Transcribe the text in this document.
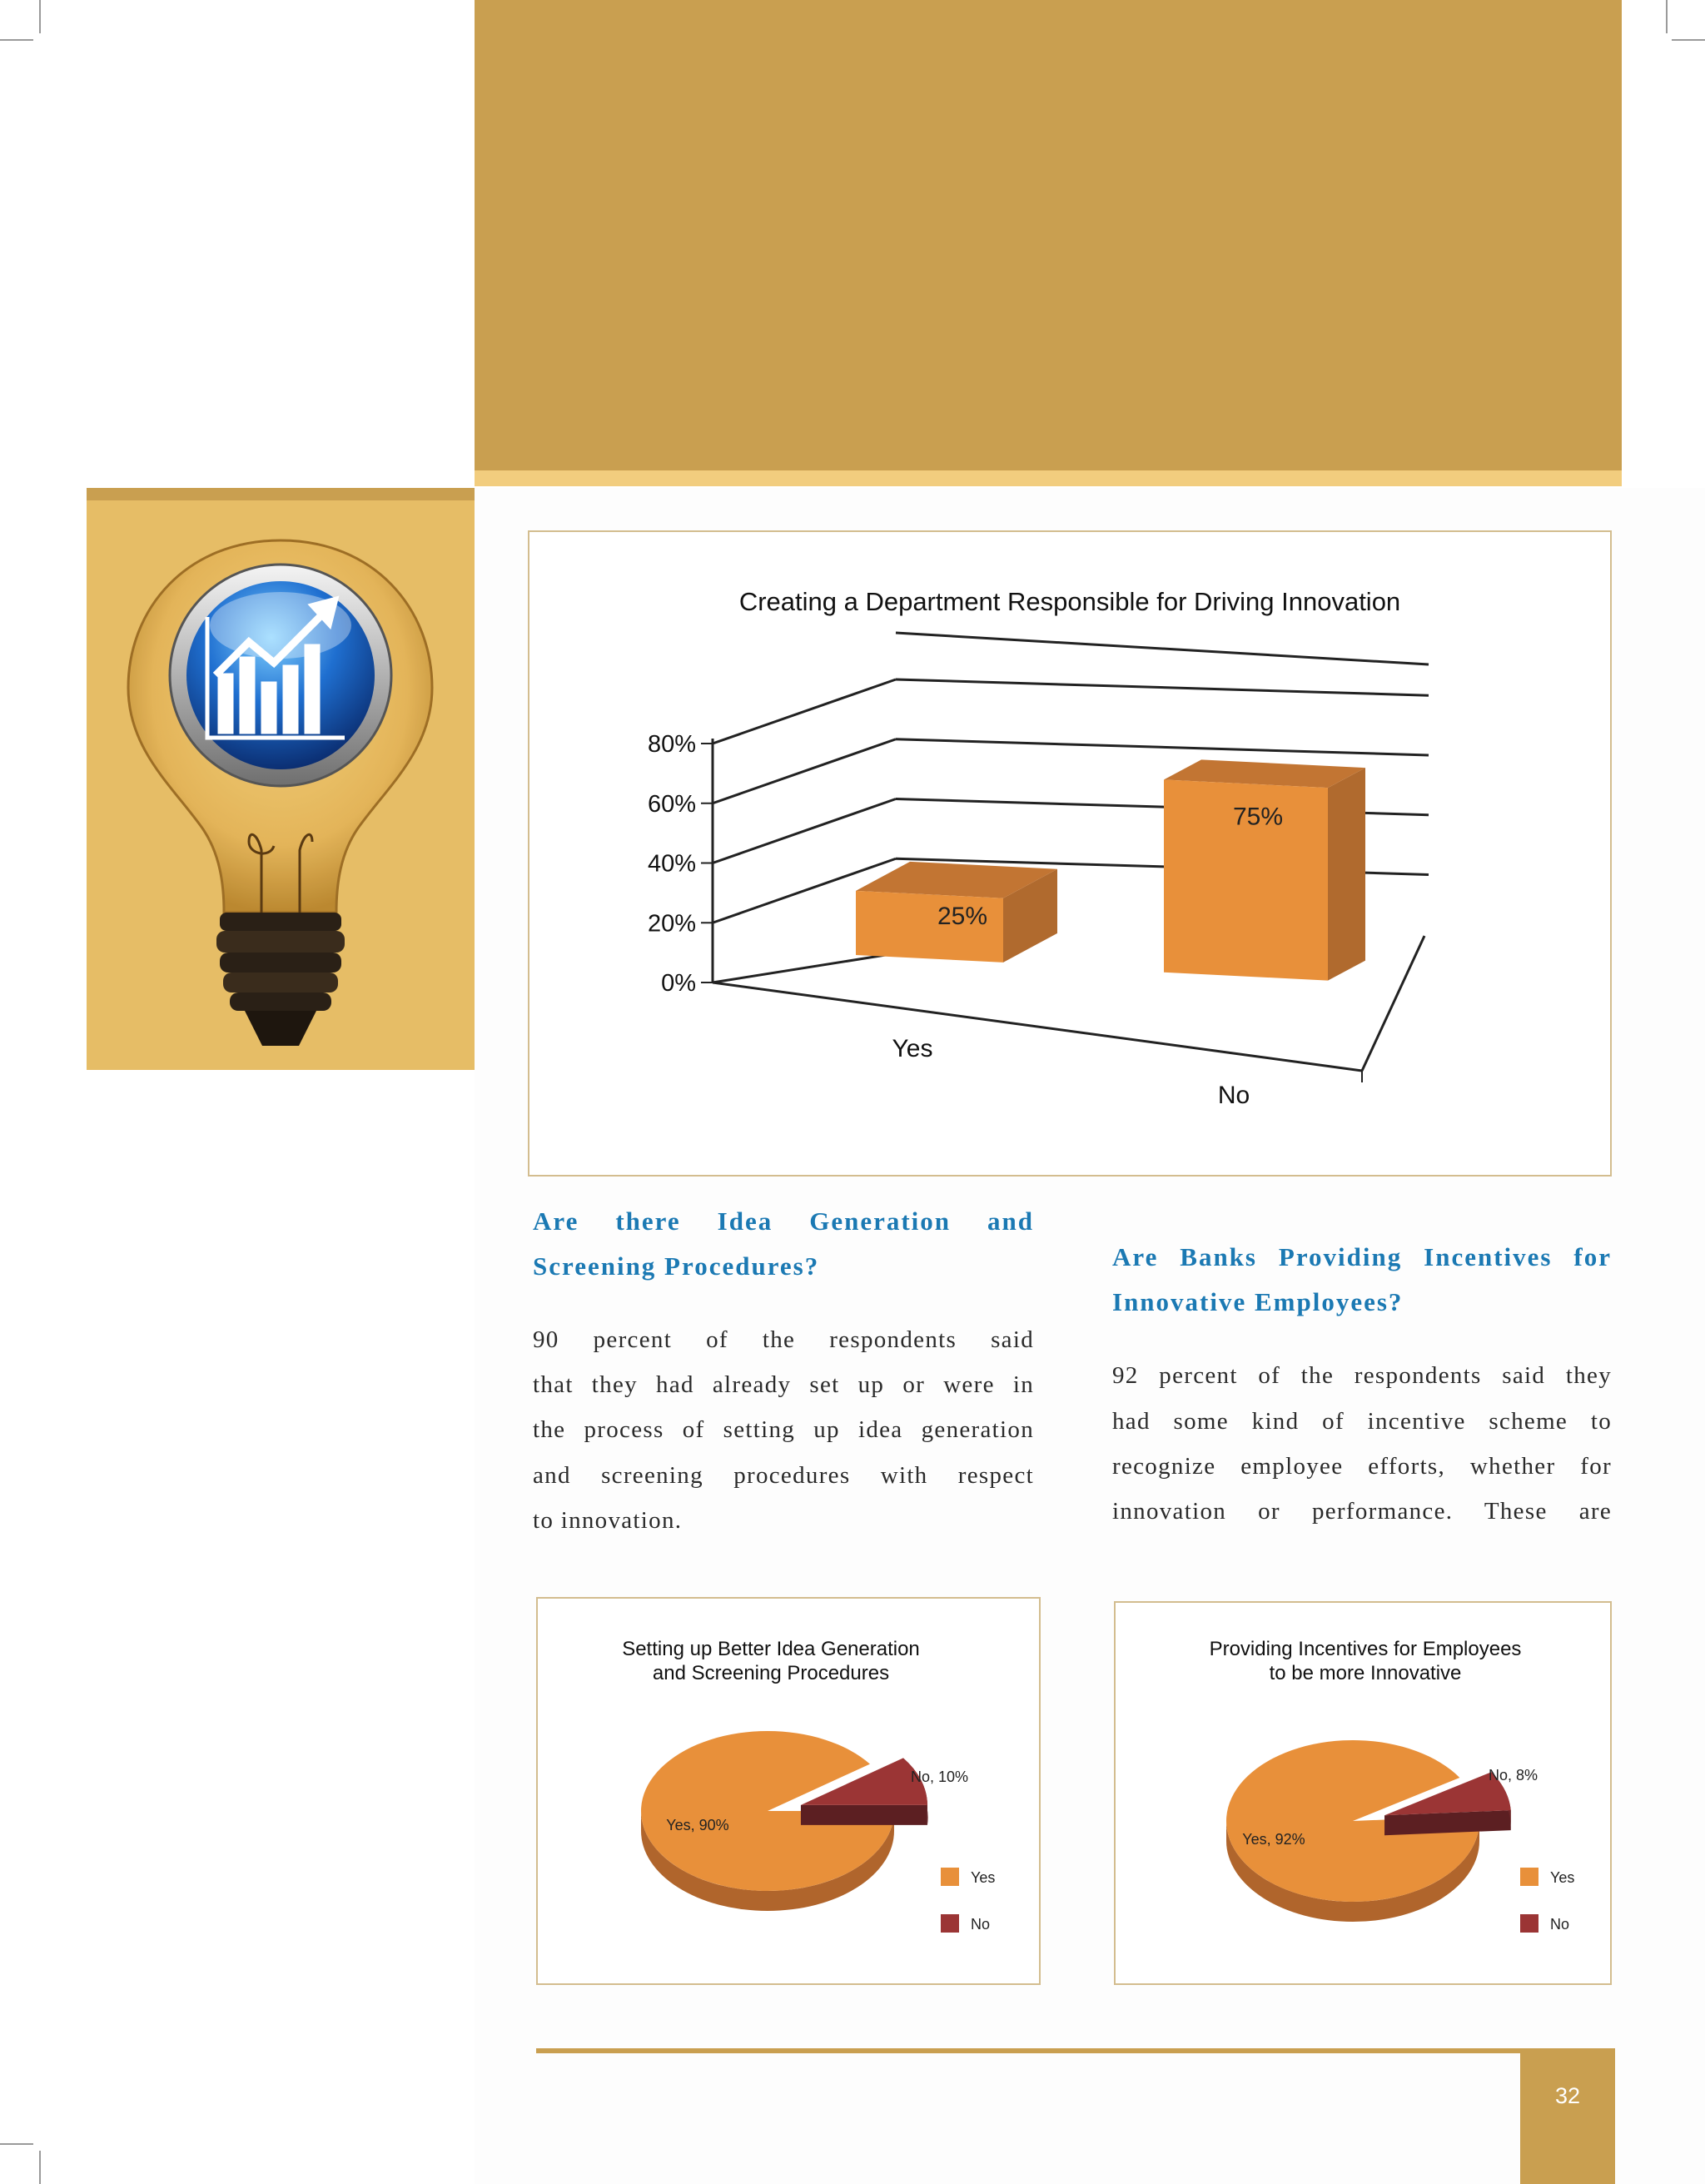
Creating a Department Responsible for Driving Innovation
0%
20%
40%
60%
80%
25%
Yes
75%
No

Are there Idea Generation and

Screening Procedures?

90 percent of the respondents said

that they had already set up or were in

the process of setting up idea generation

and screening procedures with respect

to innovation.

Are Banks Providing Incentives for

Innovative Employees?

92 percent of the respondents said they

had some kind of incentive scheme to

recognize employee efforts, whether for

innovation or performance. These are

Setting up Better Idea Generation
and Screening Procedures
Yes, 90%
No, 10%
Yes
No
Providing Incentives for Employees
to be more Innovative
Yes, 92%
No, 8%
Yes
No
32
